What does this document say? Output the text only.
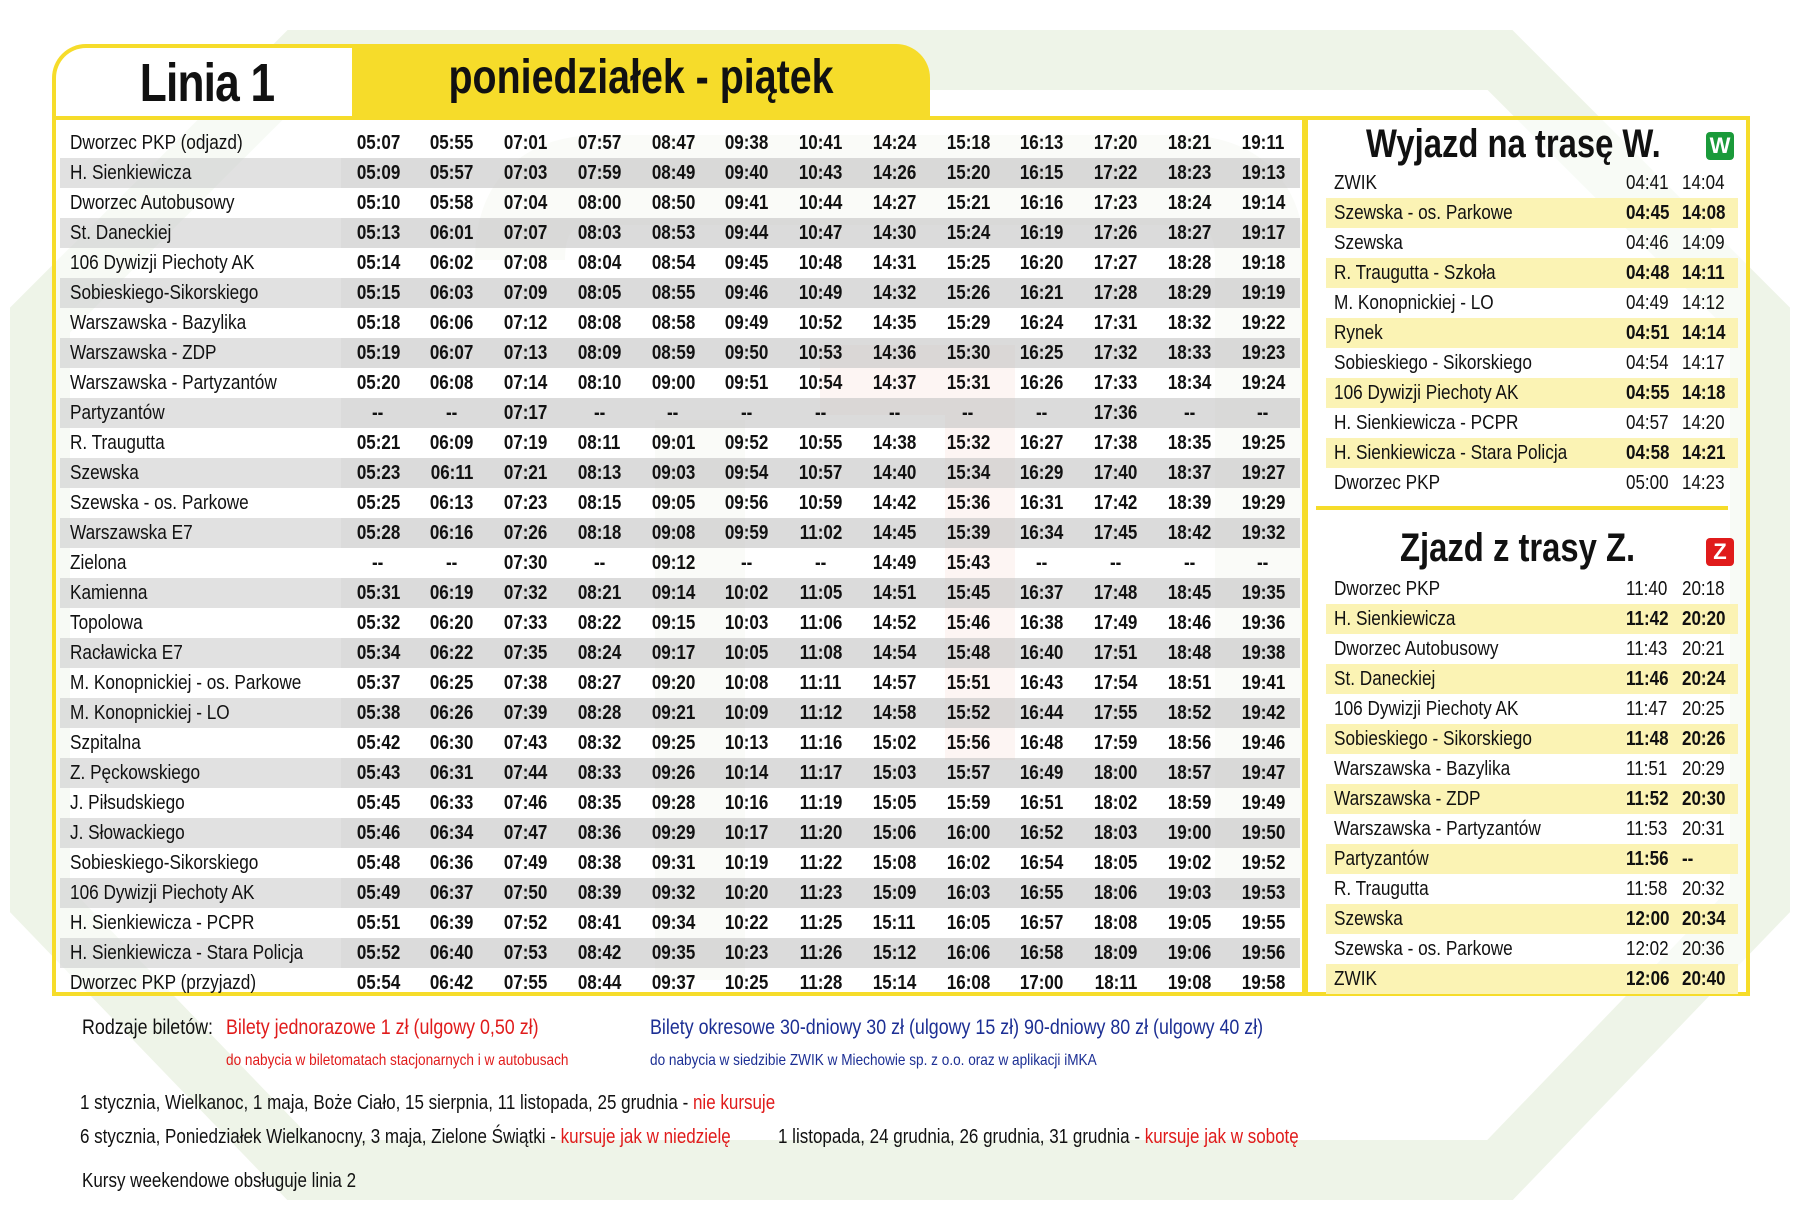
Linia 1	poniedziałek - piątek
Dworzec PKP (odjazd)	05:07	05:55	07:01	07:57	08:47	09:38	10:41	14:24	15:18	16:13	17:20	18:21	19:11
H. Sienkiewicza	05:09	05:57	07:03	07:59	08:49	09:40	10:43	14:26	15:20	16:15	17:22	18:23	19:13
Dworzec Autobusowy	05:10	05:58	07:04	08:00	08:50	09:41	10:44	14:27	15:21	16:16	17:23	18:24	19:14
St. Daneckiej	05:13	06:01	07:07	08:03	08:53	09:44	10:47	14:30	15:24	16:19	17:26	18:27	19:17
106 Dywizji Piechoty AK	05:14	06:02	07:08	08:04	08:54	09:45	10:48	14:31	15:25	16:20	17:27	18:28	19:18
Sobieskiego-Sikorskiego	05:15	06:03	07:09	08:05	08:55	09:46	10:49	14:32	15:26	16:21	17:28	18:29	19:19
Warszawska - Bazylika	05:18	06:06	07:12	08:08	08:58	09:49	10:52	14:35	15:29	16:24	17:31	18:32	19:22
Warszawska - ZDP	05:19	06:07	07:13	08:09	08:59	09:50	10:53	14:36	15:30	16:25	17:32	18:33	19:23
Warszawska - Partyzantów	05:20	06:08	07:14	08:10	09:00	09:51	10:54	14:37	15:31	16:26	17:33	18:34	19:24
Partyzantów	--	--	07:17	--	--	--	--	--	--	--	17:36	--	--
R. Traugutta	05:21	06:09	07:19	08:11	09:01	09:52	10:55	14:38	15:32	16:27	17:38	18:35	19:25
Szewska	05:23	06:11	07:21	08:13	09:03	09:54	10:57	14:40	15:34	16:29	17:40	18:37	19:27
Szewska - os. Parkowe	05:25	06:13	07:23	08:15	09:05	09:56	10:59	14:42	15:36	16:31	17:42	18:39	19:29
Warszawska E7	05:28	06:16	07:26	08:18	09:08	09:59	11:02	14:45	15:39	16:34	17:45	18:42	19:32
Zielona	--	--	07:30	--	09:12	--	--	14:49	15:43	--	--	--	--
Kamienna	05:31	06:19	07:32	08:21	09:14	10:02	11:05	14:51	15:45	16:37	17:48	18:45	19:35
Topolowa	05:32	06:20	07:33	08:22	09:15	10:03	11:06	14:52	15:46	16:38	17:49	18:46	19:36
Racławicka E7	05:34	06:22	07:35	08:24	09:17	10:05	11:08	14:54	15:48	16:40	17:51	18:48	19:38
M. Konopnickiej - os. Parkowe	05:37	06:25	07:38	08:27	09:20	10:08	11:11	14:57	15:51	16:43	17:54	18:51	19:41
M. Konopnickiej - LO	05:38	06:26	07:39	08:28	09:21	10:09	11:12	14:58	15:52	16:44	17:55	18:52	19:42
Szpitalna	05:42	06:30	07:43	08:32	09:25	10:13	11:16	15:02	15:56	16:48	17:59	18:56	19:46
Z. Pęckowskiego	05:43	06:31	07:44	08:33	09:26	10:14	11:17	15:03	15:57	16:49	18:00	18:57	19:47
J. Piłsudskiego	05:45	06:33	07:46	08:35	09:28	10:16	11:19	15:05	15:59	16:51	18:02	18:59	19:49
J. Słowackiego	05:46	06:34	07:47	08:36	09:29	10:17	11:20	15:06	16:00	16:52	18:03	19:00	19:50
Sobieskiego-Sikorskiego	05:48	06:36	07:49	08:38	09:31	10:19	11:22	15:08	16:02	16:54	18:05	19:02	19:52
106 Dywizji Piechoty AK	05:49	06:37	07:50	08:39	09:32	10:20	11:23	15:09	16:03	16:55	18:06	19:03	19:53
H. Sienkiewicza - PCPR	05:51	06:39	07:52	08:41	09:34	10:22	11:25	15:11	16:05	16:57	18:08	19:05	19:55
H. Sienkiewicza - Stara Policja	05:52	06:40	07:53	08:42	09:35	10:23	11:26	15:12	16:06	16:58	18:09	19:06	19:56
Dworzec PKP (przyjazd)	05:54	06:42	07:55	08:44	09:37	10:25	11:28	15:14	16:08	17:00	18:11	19:08	19:58
Wyjazd na trasę W. W
ZWIK	04:41	14:04
Szewska - os. Parkowe	04:45	14:08
Szewska	04:46	14:09
R. Traugutta - Szkoła	04:48	14:11
M. Konopnickiej - LO	04:49	14:12
Rynek	04:51	14:14
Sobieskiego - Sikorskiego	04:54	14:17
106 Dywizji Piechoty AK	04:55	14:18
H. Sienkiewicza - PCPR	04:57	14:20
H. Sienkiewicza - Stara Policja	04:58	14:21
Dworzec PKP	05:00	14:23
Zjazd z trasy Z.	Z
Dworzec PKP	11:40	20:18
H. Sienkiewicza	11:42	20:20
Dworzec Autobusowy	11:43	20:21
St. Daneckiej	11:46	20:24
106 Dywizji Piechoty AK	11:47	20:25
Sobieskiego - Sikorskiego	11:48	20:26
Warszawska - Bazylika	11:51	20:29
Warszawska - ZDP	11:52	20:30
Warszawska - Partyzantów	11:53	20:31
Partyzantów	11:56	--
R. Traugutta	11:58	20:32
Szewska	12:00	20:34
Szewska - os. Parkowe	12:02	20:36
ZWIK	12:06	20:40
Rodzaje biletów: Bilety jednorazowe 1 zł (ulgowy 0,50 zł)
do nabycia w biletomatach stacjonarnych i w autobusach
Bilety okresowe 30-dniowy 30 zł (ulgowy 15 zł) 90-dniowy 80 zł (ulgowy 40 zł)
do nabycia w siedzibie ZWIK w Miechowie sp. z o.o. oraz w aplikacji iMKA
1 stycznia, Wielkanoc, 1 maja, Boże Ciało, 15 sierpnia, 11 listopada, 25 grudnia - nie kursuje
6 stycznia, Poniedziałek Wielkanocny, 3 maja, Zielone Świątki - kursuje jak w niedzielę 1 listopada, 24 grudnia, 26 grudnia, 31 grudnia - kursuje jak w sobotę
Kursy weekendowe obsługuje linia 2
